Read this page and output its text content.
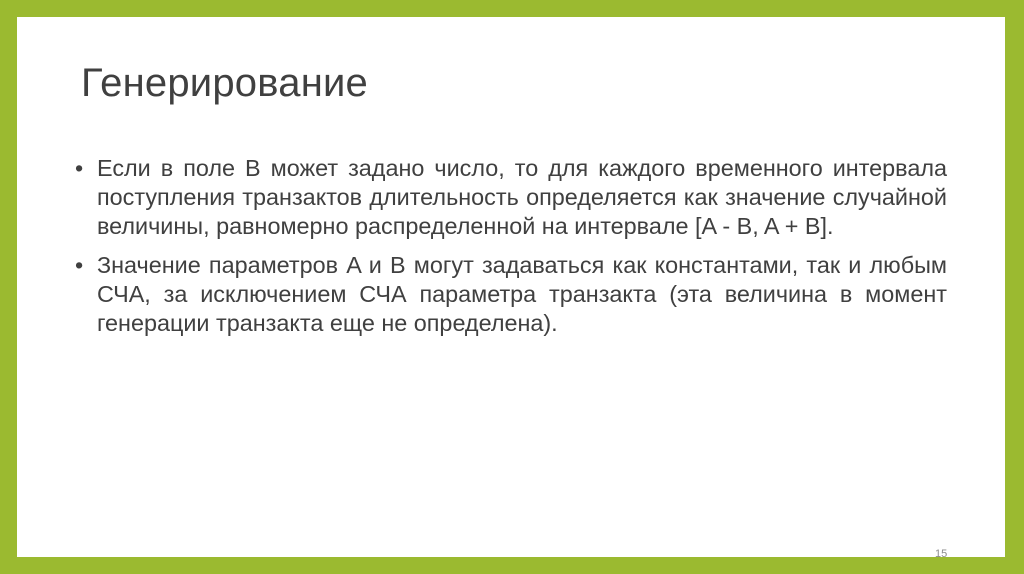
Генерирование
• Если в поле B может задано число, то для каждого временного интервала поступления транзактов длительность определяется как значение случайной величины, равномерно распределенной на интервале [A - B, A + B].
• Значение параметров A и B могут задаваться как константами, так и любым СЧА, за исключением СЧА параметра транзакта (эта величина в момент генерации транзакта еще не определена).
15
